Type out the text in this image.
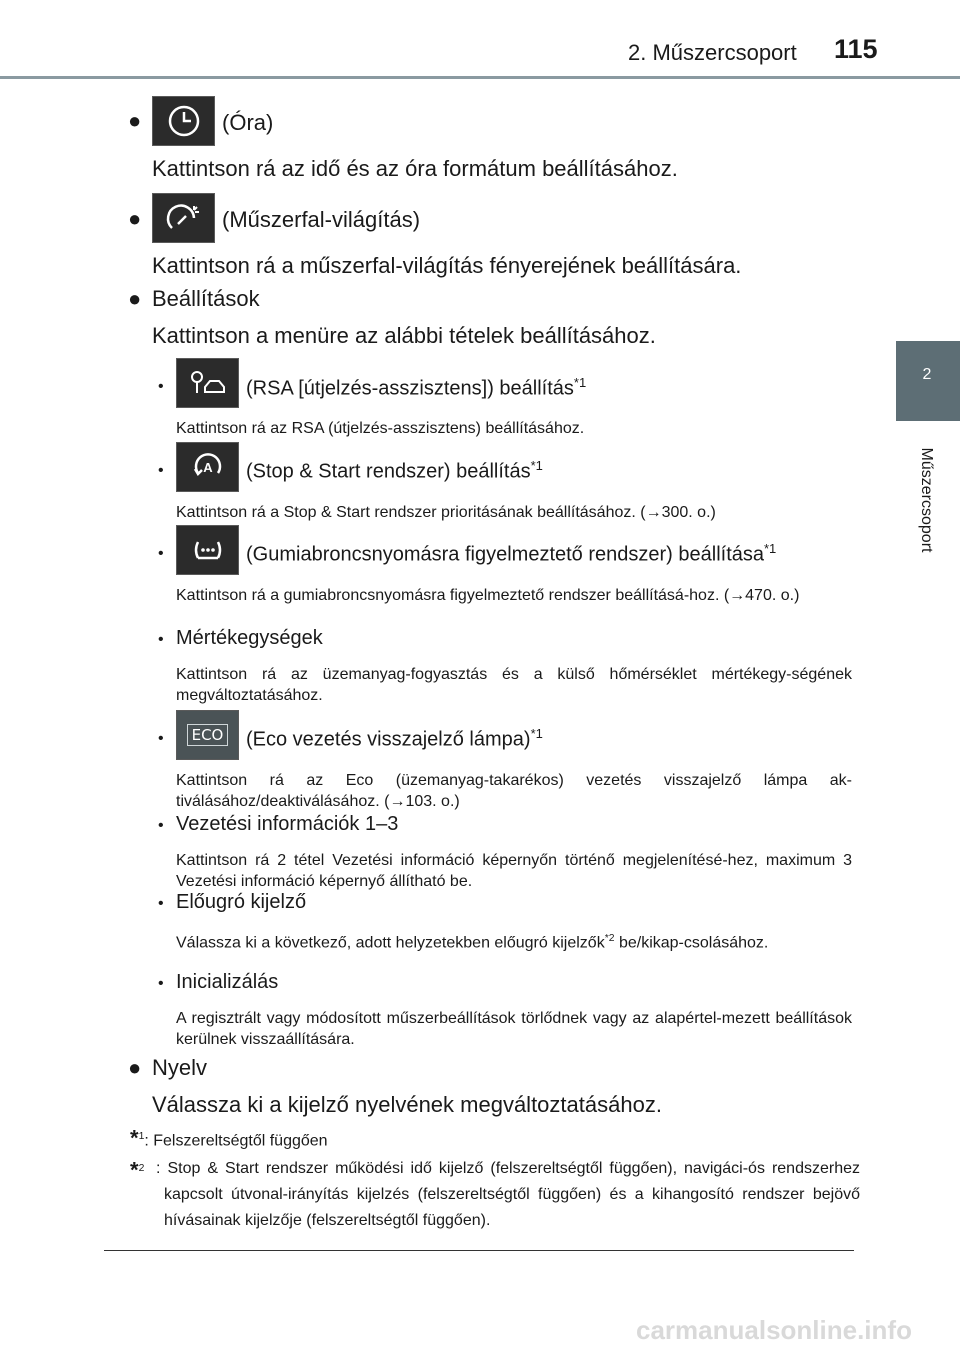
2. Műszercsoport 115
2
Műszercsoport
●	(Óra)
Kattintson rá az idő és az óra formátum beállításához.
●	(Műszerfal-világítás)
Kattintson rá a műszerfal-világítás fényerejének beállítására.
● Beállítások
Kattintson a menüre az alábbi tételek beállításához.
•	(RSA [útjelzés-asszisztens]) beállítás$^{*1}$
Kattintson rá az RSA (útjelzés-asszisztens) beállításához.
•	A (Stop & Start rendszer) beállítás$^{*1}$
Kattintson rá a Stop & Start rendszer prioritásának beállításához. (→300. o.)
•	(Gumiabroncsnyomásra figyelmeztető rendszer) beállítása$^{*1}$
Kattintson rá a gumiabroncsnyomásra figyelmeztető rendszer beállításá-hoz. (→470. o.)
• Mértékegységek
Kattintson rá az üzemanyag-fogyasztás és a külső hőmérséklet mértékegy-ségének megváltoztatásához.
•	ECO (Eco vezetés visszajelző lámpa)$^{*1}$
Kattintson rá az Eco (üzemanyag-takarékos) vezetés visszajelző lámpa ak-tiválásához/deaktiválásához. (→103. o.)
• Vezetési információk 1–3
Kattintson rá 2 tétel Vezetési információ képernyőn történő megjelenítésé-hez, maximum 3 Vezetési információ képernyő állítható be.
• Előugró kijelző
Válassza ki a következő, adott helyzetekben előugró kijelzők$^{*2}$ be/kikap-csolásához.
• Inicializálás
A regisztrált vagy módosított műszerbeállítások törlődnek vagy az alapértel-mezett beállítások kerülnek visszaállítására.
● Nyelv
Válassza ki a kijelző nyelvének megváltoztatásához.
*$^1$: Felszereltségtől függően
*$^2$ : Stop & Start rendszer működési idő kijelző (felszereltségtől függően), navigáci-ós rendszerhez kapcsolt útvonal-irányítás kijelzés (felszereltségtől függően) és a kihangosító rendszer bejövő hívásainak kijelzője (felszereltségtől függően).
carmanualsonline.info
